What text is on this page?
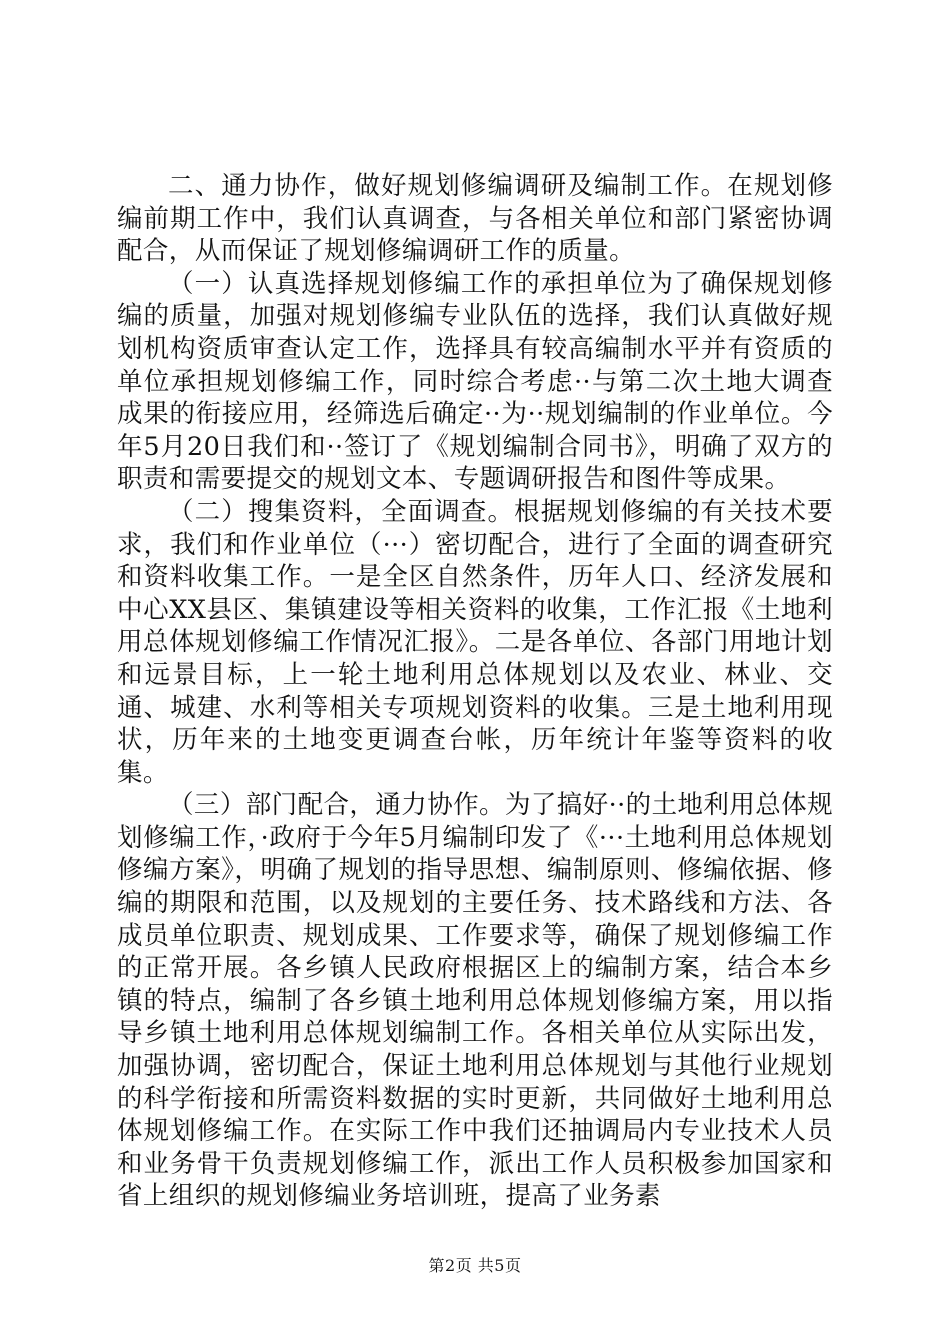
二、通力协作，做好规划修编调研及编制工作。在规划修编前期工作中，我们认真调查，与各相关单位和部门紧密协调配合，从而保证了规划修编调研工作的质量。

（一）认真选择规划修编工作的承担单位为了确保规划修编的质量，加强对规划修编专业队伍的选择，我们认真做好规划机构资质审查认定工作，选择具有较高编制水平并有资质的单位承担规划修编工作，同时综合考虑··与第二次土地大调查成果的衔接应用，经筛选后确定··为··规划编制的作业单位。今年5月20日我们和··签订了《规划编制合同书》，明确了双方的职责和需要提交的规划文本、专题调研报告和图件等成果。

（二）搜集资料，全面调查。根据规划修编的有关技术要求，我们和作业单位（···）密切配合，进行了全面的调查研究和资料收集工作。一是全区自然条件，历年人口、经济发展和中心XX县区、集镇建设等相关资料的收集，工作汇报《土地利用总体规划修编工作情况汇报》。二是各单位、各部门用地计划和远景目标，上一轮土地利用总体规划以及农业、林业、交通、城建、水利等相关专项规划资料的收集。三是土地利用现状，历年来的土地变更调查台帐，历年统计年鉴等资料的收集。

（三）部门配合，通力协作。为了搞好··的土地利用总体规划修编工作，·政府于今年5月编制印发了《···土地利用总体规划修编方案》，明确了规划的指导思想、编制原则、修编依据、修编的期限和范围，以及规划的主要任务、技术路线和方法、各成员单位职责、规划成果、工作要求等，确保了规划修编工作的正常开展。各乡镇人民政府根据区上的编制方案，结合本乡镇的特点，编制了各乡镇土地利用总体规划修编方案，用以指导乡镇土地利用总体规划编制工作。各相关单位从实际出发，加强协调，密切配合，保证土地利用总体规划与其他行业规划的科学衔接和所需资料数据的实时更新，共同做好土地利用总体规划修编工作。在实际工作中我们还抽调局内专业技术人员和业务骨干负责规划修编工作，派出工作人员积极参加国家和省上组织的规划修编业务培训班，提高了业务素

第2页 共5页
